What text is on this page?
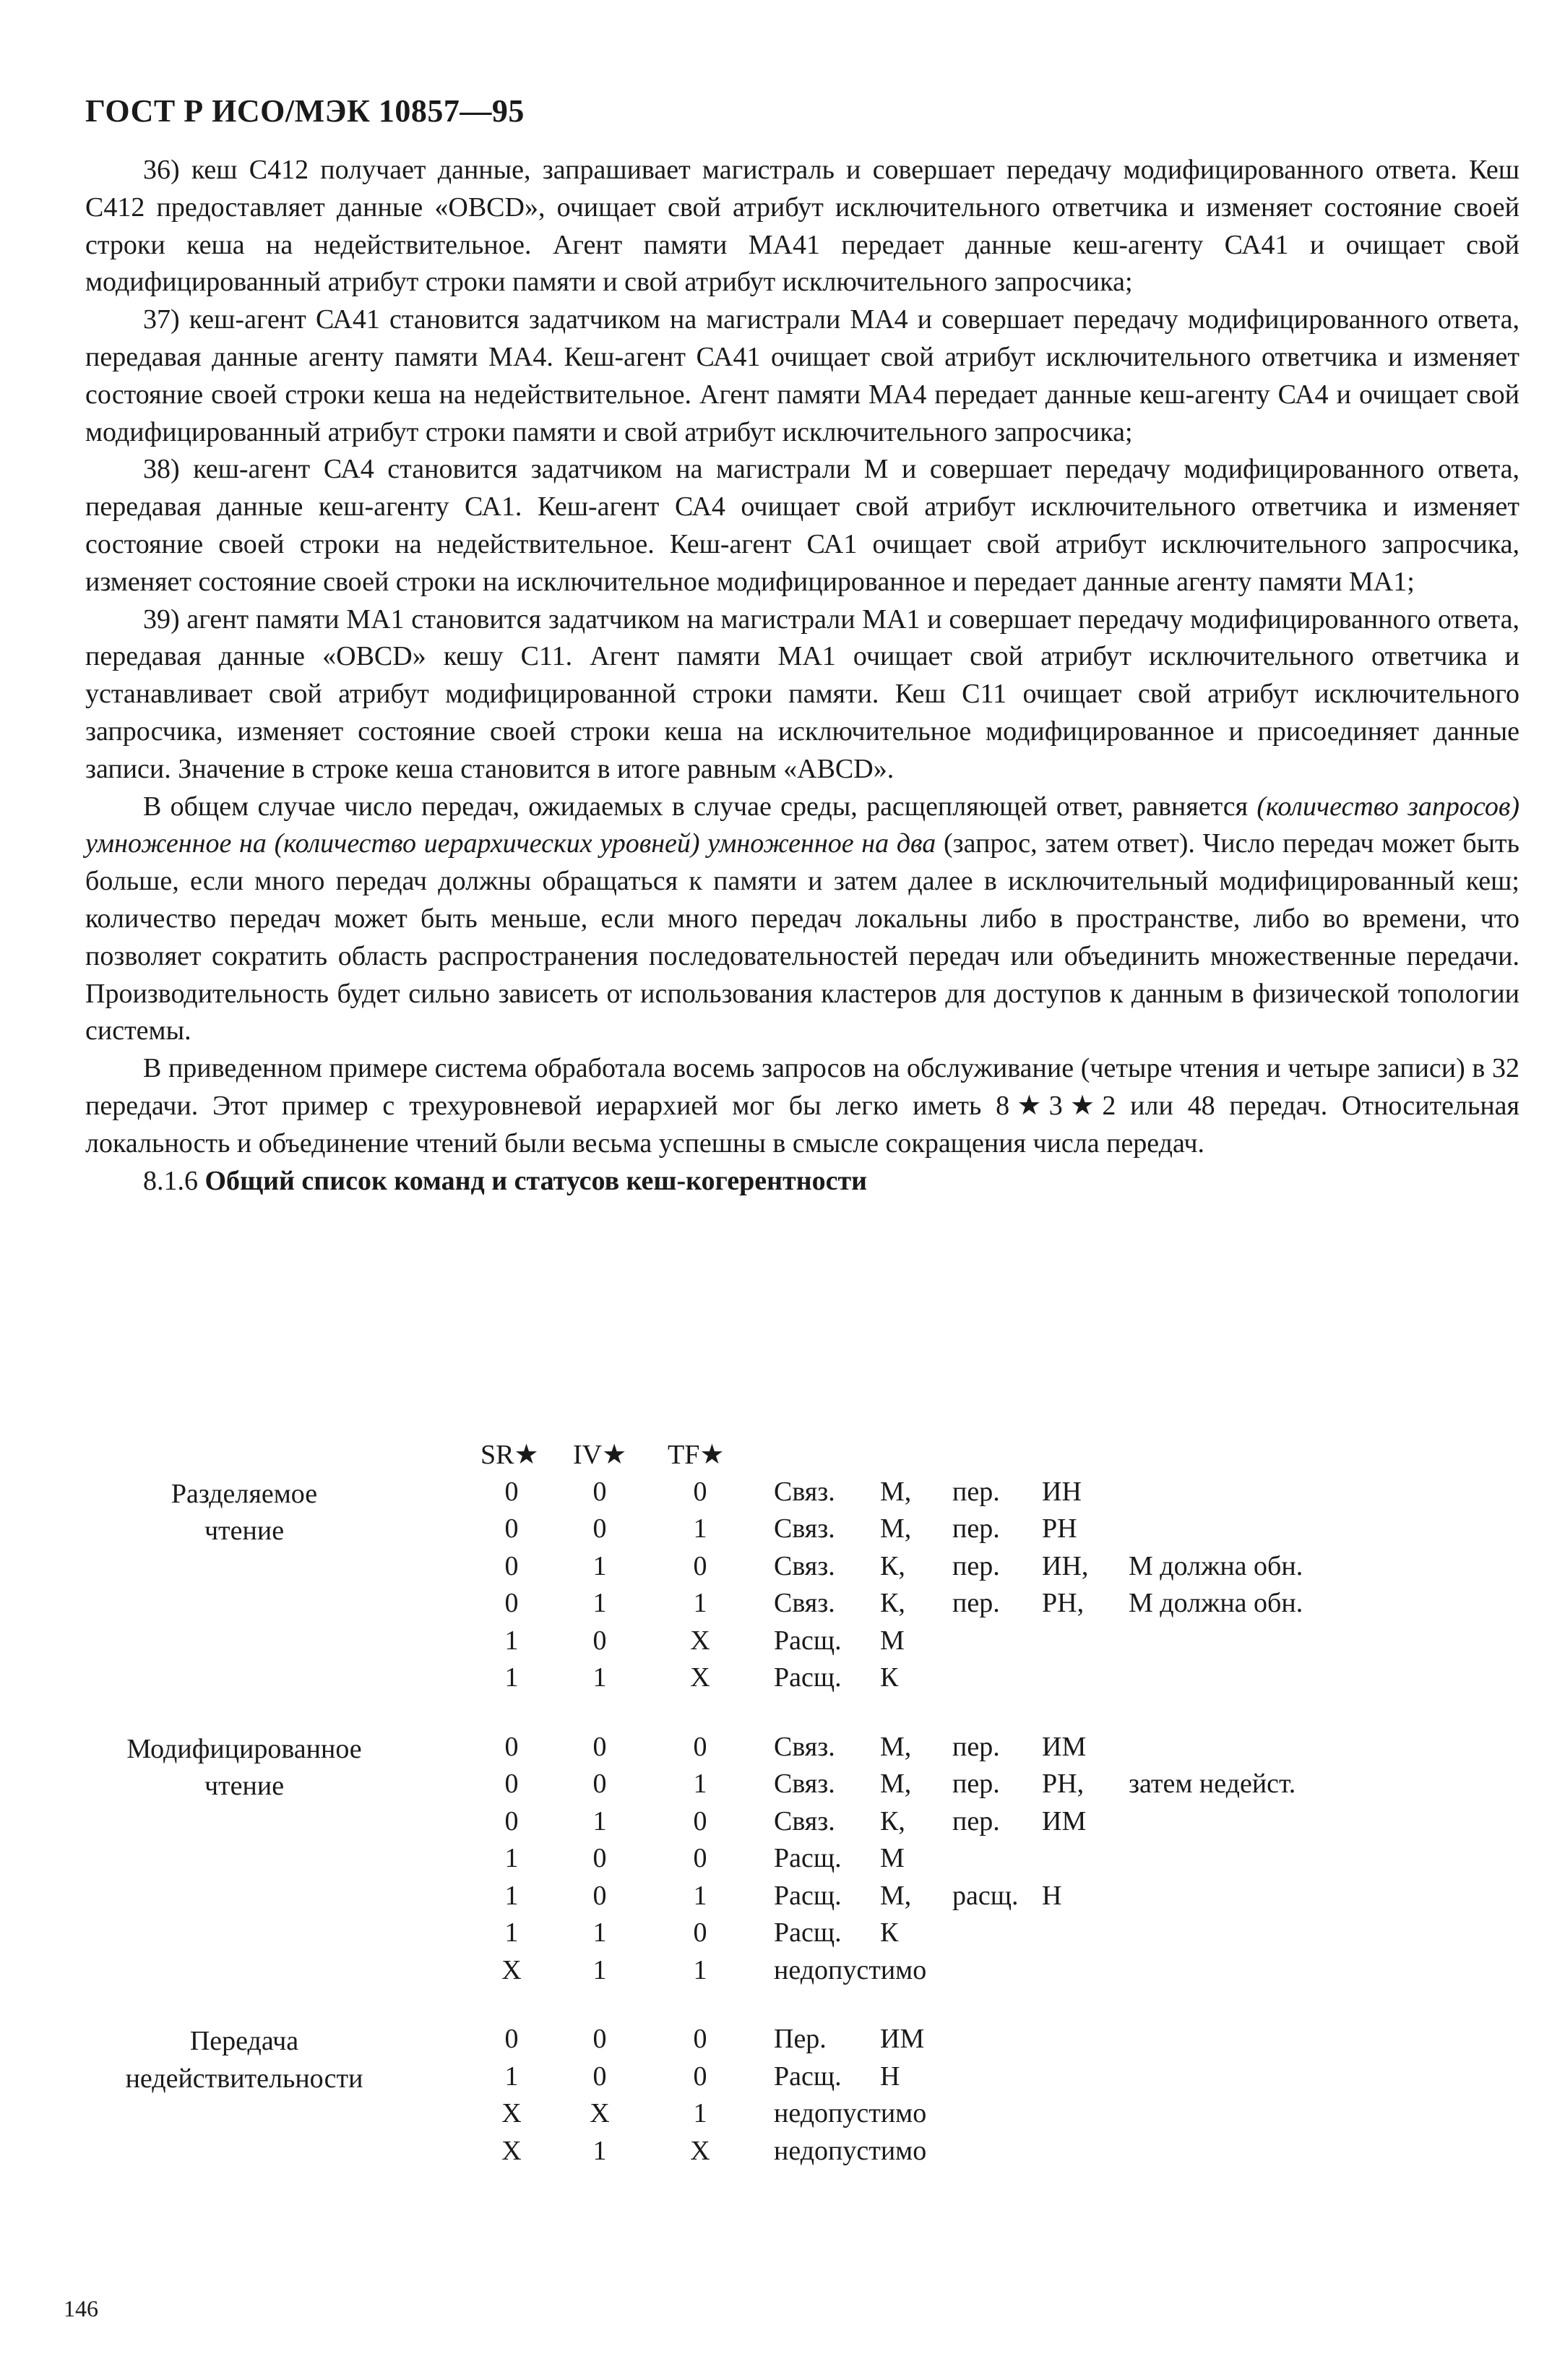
ГОСТ Р ИСО/МЭК 10857—95

36) кеш С412 получает данные, запрашивает магистраль и совершает передачу модифицированного ответа. Кеш С412 предоставляет данные «OBCD», очищает свой атрибут исключительного ответчика и изменяет состояние своей строки кеша на недействительное. Агент памяти МА41 передает данные кеш-агенту СА41 и очищает свой модифицированный атрибут строки памяти и свой атрибут исключительного запросчика;

37) кеш-агент СА41 становится задатчиком на магистрали МА4 и совершает передачу модифицированного ответа, передавая данные агенту памяти МА4. Кеш-агент СА41 очищает свой атрибут исключительного ответчика и изменяет состояние своей строки кеша на недействительное. Агент памяти МА4 передает данные кеш-агенту СА4 и очищает свой модифицированный атрибут строки памяти и свой атрибут исключительного запросчика;

38) кеш-агент СА4 становится задатчиком на магистрали М и совершает передачу модифицированного ответа, передавая данные кеш-агенту СА1. Кеш-агент СА4 очищает свой атрибут исключительного ответчика и изменяет состояние своей строки на недействительное. Кеш-агент СА1 очищает свой атрибут исключительного запросчика, изменяет состояние своей строки на исключительное модифицированное и передает данные агенту памяти МА1;

39) агент памяти МА1 становится задатчиком на магистрали МА1 и совершает передачу модифицированного ответа, передавая данные «OBCD» кешу С11. Агент памяти МА1 очищает свой атрибут исключительного ответчика и устанавливает свой атрибут модифицированной строки памяти. Кеш С11 очищает свой атрибут исключительного запросчика, изменяет состояние своей строки кеша на исключительное модифицированное и присоединяет данные записи. Значение в строке кеша становится в итоге равным «ABCD».

В общем случае число передач, ожидаемых в случае среды, расщепляющей ответ, равняется (количество запросов) умноженное на (количество иерархических уровней) умноженное на два (запрос, затем ответ). Число передач может быть больше, если много передач должны обращаться к памяти и затем далее в исключительный модифицированный кеш; количество передач может быть меньше, если много передач локальны либо в пространстве, либо во времени, что позволяет сократить область распространения последовательностей передач или объединить множественные передачи. Производительность будет сильно зависеть от использования кластеров для доступов к данным в физической топологии системы.

В приведенном примере система обработала восемь запросов на обслуживание (четыре чтения и четыре записи) в 32 передачи. Этот пример с трехуровневой иерархией мог бы легко иметь 8★3★2 или 48 передач. Относительная локальность и объединение чтений были весьма успешны в смысле сокращения числа передач.

8.1.6 Общий список команд и статусов кеш-когерентности

SR★ IV★ TF★
Разделяемое
чтение
0	0	0 Связ. М, пер. ИН
0	0	1 Связ. М, пер. РН
0	1	0 Связ. К, пер. ИН, М должна обн.
0	1	1 Связ. К, пер. РН, М должна обн.
1	0	X Расщ. М
1	1	X Расщ. К
Модифицированное
чтение
0	0	0 Связ. М, пер. ИМ
0	0	1 Связ. М, пер. РН, затем недейст.
0	1	0 Связ. К, пер. ИМ
1	0	0 Расщ. М
1	0	1 Расщ. М, расщ. Н
1	1	0 Расщ. К
X	1	1 недопустимо
Передача
недействительности
0	0	0 Пер. ИМ
1	0	0 Расщ. Н
X X	1 недопустимо
X	1	X недопустимо
146
